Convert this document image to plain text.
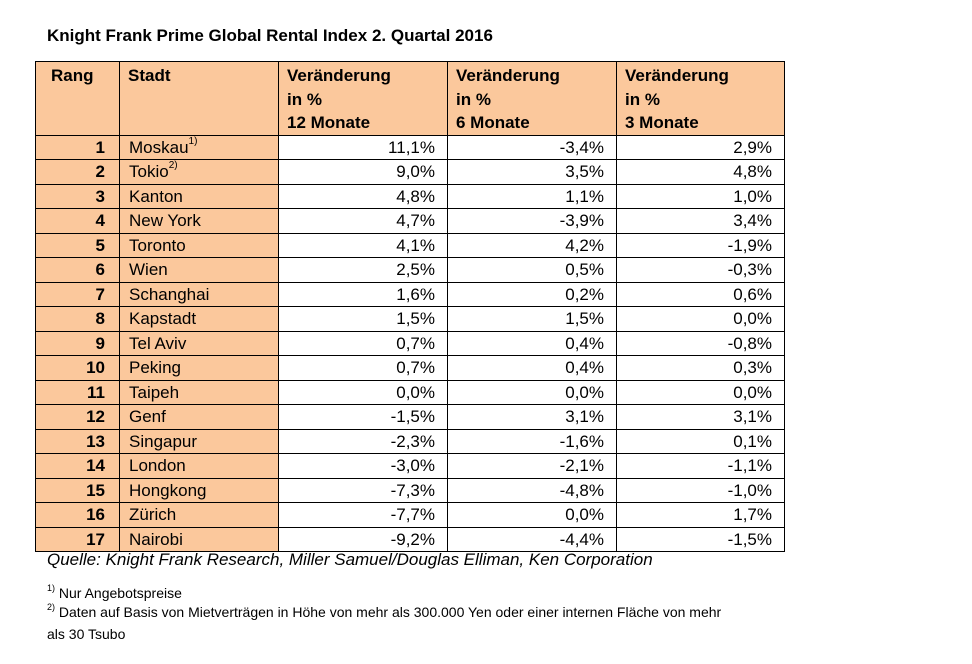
Knight Frank Prime Global Rental Index 2. Quartal 2016
Rang	Stadt	Veränderung
in %
12 Monate	Veränderung
in %
6 Monate	Veränderung
in %
3 Monate
1	Moskau$^{1)}$	11,1%	-3,4%	2,9%
2	Tokio$^{2)}$	9,0%	3,5%	4,8%
3	Kanton	4,8%	1,1%	1,0%
4	New York	4,7%	-3,9%	3,4%
5	Toronto	4,1%	4,2%	-1,9%
6	Wien	2,5%	0,5%	-0,3%
7	Schanghai	1,6%	0,2%	0,6%
8	Kapstadt	1,5%	1,5%	0,0%
9	Tel Aviv	0,7%	0,4%	-0,8%
10	Peking	0,7%	0,4%	0,3%
11	Taipeh	0,0%	0,0%	0,0%
12	Genf	-1,5%	3,1%	3,1%
13	Singapur	-2,3%	-1,6%	0,1%
14	London	-3,0%	-2,1%	-1,1%
15	Hongkong	-7,3%	-4,8%	-1,0%
16	Zürich	-7,7%	0,0%	1,7%
17	Nairobi	-9,2%	-4,4%	-1,5%
Quelle: Knight Frank Research, Miller Samuel/Douglas Elliman, Ken Corporation
$^{1)}$ Nur Angebotspreise
$^{2)}$ Daten auf Basis von Mietverträgen in Höhe von mehr als 300.000 Yen oder einer internen Fläche von mehr
als 30 Tsubo
